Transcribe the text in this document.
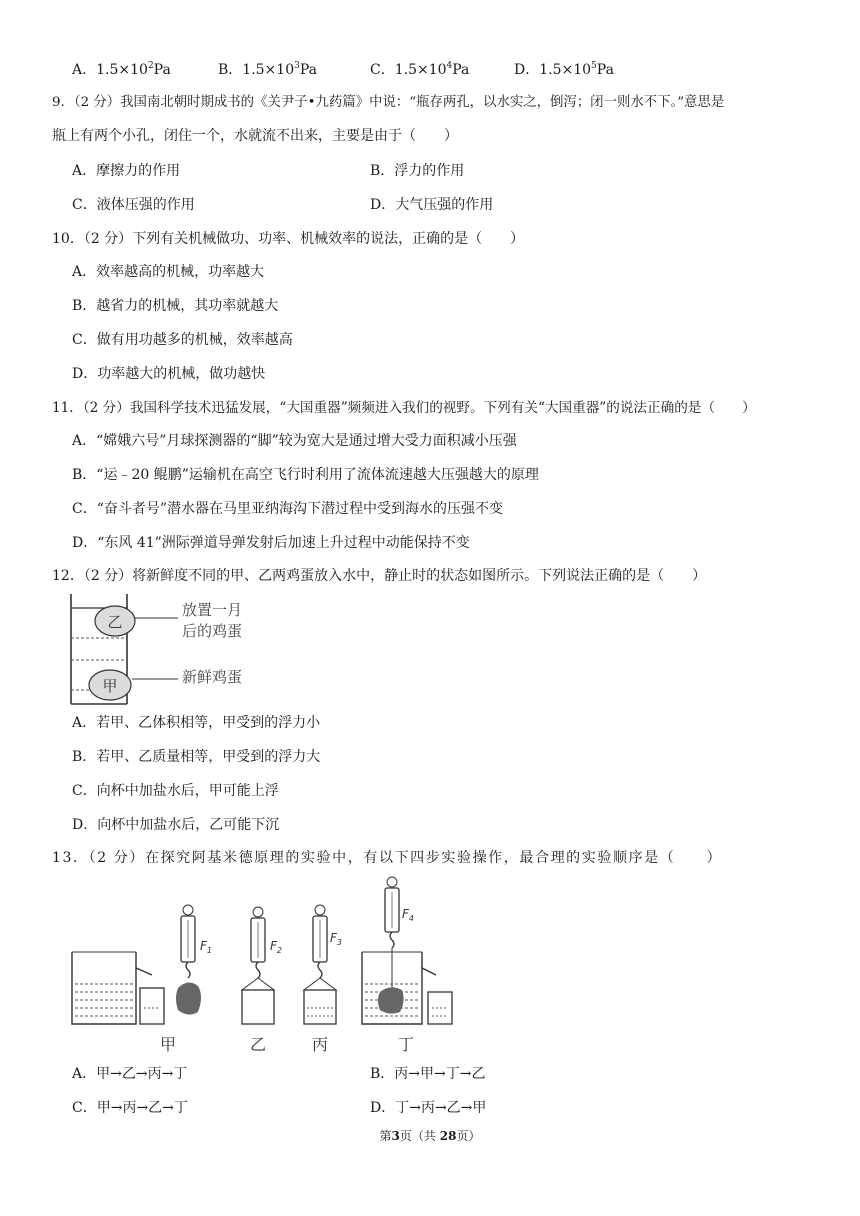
A．$1.5\times 10^2Pa$	B．$1.5\times 10^3Pa$	C．$1.5\times 10^4Pa$	D．$1.5\times 10^5Pa$
9．（2 分）我国南北朝时期成书的《关尹子•九药篇》中说：“瓶存两孔，以水实之，倒泻；闭一则水不下。”意思是
瓶上有两个小孔，闭住一个，水就流不出来，主要是由于（　　）
A．摩擦力的作用	B．浮力的作用
C．液体压强的作用	D．大气压强的作用
10．（2 分）下列有关机械做功、功率、机械效率的说法，正确的是（　　）
A．效率越高的机械，功率越大
B．越省力的机械，其功率就越大
C．做有用功越多的机械，效率越高
D．功率越大的机械，做功越快
11．（2 分）我国科学技术迅猛发展，“大国重器”频频进入我们的视野。下列有关“大国重器”的说法正确的是（　　）
A．“嫦娥六号”月球探测器的“脚”较为宽大是通过增大受力面积减小压强
B．“运﹣20 鲲鹏”运输机在高空飞行时利用了流体流速越大压强越大的原理
C．“奋斗者号”潜水器在马里亚纳海沟下潜过程中受到海水的压强不变
D．“东风 41”洲际弹道导弹发射后加速上升过程中动能保持不变
12．（2 分）将新鲜度不同的甲、乙两鸡蛋放入水中，静止时的状态如图所示。下列说法正确的是（　　）
乙
甲
放置一月
后的鸡蛋
新鲜鸡蛋
A．若甲、乙体积相等，甲受到的浮力小
B．若甲、乙质量相等，甲受到的浮力大
C．向杯中加盐水后，甲可能上浮
D．向杯中加盐水后，乙可能下沉
13．（2 分）在探究阿基米德原理的实验中，有以下四步实验操作，最合理的实验顺序是（　　）
$F_1$	$F_2$
$F_3$
$F_4$
甲	乙	丙	丁
A．甲→乙→丙→丁	B．丙→甲→丁→乙
C．甲→丙→乙→丁	D．丁→丙→乙→甲
第3页（共 28页）
